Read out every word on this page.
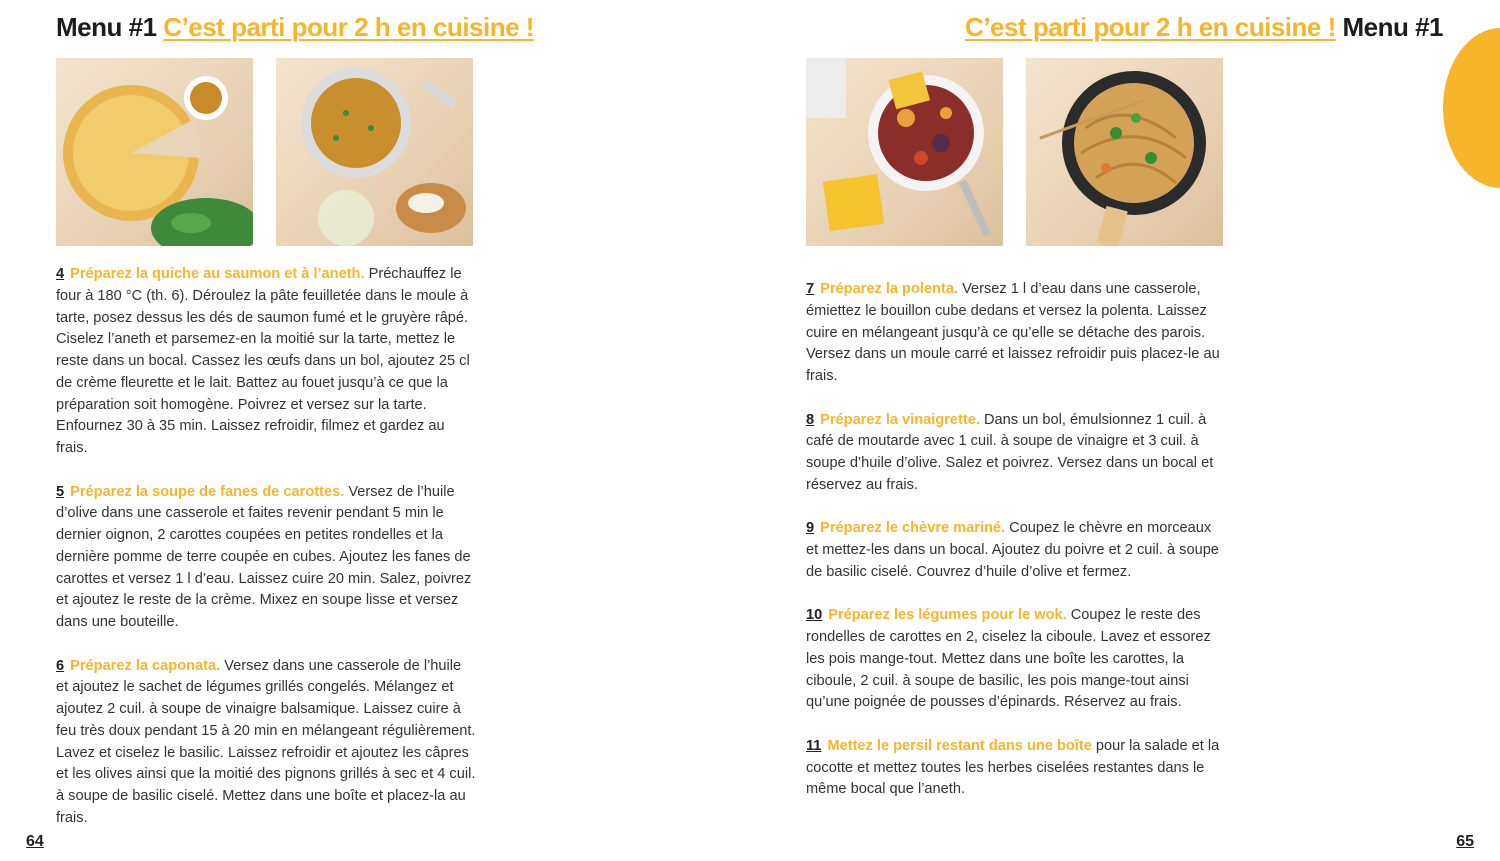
Menu #1 C’est parti pour 2 h en cuisine !

4 Préparez la quiche au saumon et à l’aneth. Préchauffez le four à 180 °C (th. 6). Déroulez la pâte feuilletée dans le moule à tarte, posez dessus les dés de saumon fumé et le gruyère râpé. Ciselez l’aneth et parsemez-en la moitié sur la tarte, mettez le reste dans un bocal. Cassez les œufs dans un bol, ajoutez 25 cl de crème fleurette et le lait. Battez au fouet jusqu’à ce que la préparation soit homogène. Poivrez et versez sur la tarte. Enfournez 30 à 35 min. Laissez refroidir, filmez et gardez au frais.

5 Préparez la soupe de fanes de carottes. Versez de l’huile d’olive dans une casserole et faites revenir pendant 5 min le dernier oignon, 2 carottes coupées en petites rondelles et la dernière pomme de terre coupée en cubes. Ajoutez les fanes de carottes et versez 1 l d’eau. Laissez cuire 20 min. Salez, poivrez et ajoutez le reste de la crème. Mixez en soupe lisse et versez dans une bouteille.

6 Préparez la caponata. Versez dans une casserole de l’huile et ajoutez le sachet de légumes grillés congelés. Mélangez et ajoutez 2 cuil. à soupe de vinaigre balsamique. Laissez cuire à feu très doux pendant 15 à 20 min en mélangeant régulièrement. Lavez et ciselez le basilic. Laissez refroidir et ajoutez les câpres et les olives ainsi que la moitié des pignons grillés à sec et 4 cuil. à soupe de basilic ciselé. Mettez dans une boîte et placez-la au frais.

64
C’est parti pour 2 h en cuisine ! Menu #1

7 Préparez la polenta. Versez 1 l d’eau dans une casserole, émiettez le bouillon cube dedans et versez la polenta. Laissez cuire en mélangeant jusqu’à ce qu’elle se détache des parois. Versez dans un moule carré et laissez refroidir puis placez-le au frais.

8 Préparez la vinaigrette. Dans un bol, émulsionnez 1 cuil. à café de moutarde avec 1 cuil. à soupe de vinaigre et 3 cuil. à soupe d’huile d’olive. Salez et poivrez. Versez dans un bocal et réservez au frais.

9 Préparez le chèvre mariné. Coupez le chèvre en morceaux et mettez-les dans un bocal. Ajoutez du poivre et 2 cuil. à soupe de basilic ciselé. Couvrez d’huile d’olive et fermez.

10 Préparez les légumes pour le wok. Coupez le reste des rondelles de carottes en 2, ciselez la ciboule. Lavez et essorez les pois mange-tout. Mettez dans une boîte les carottes, la ciboule, 2 cuil. à soupe de basilic, les pois mange-tout ainsi qu’une poignée de pousses d’épinards. Réservez au frais.

11 Mettez le persil restant dans une boîte pour la salade et la cocotte et mettez toutes les herbes ciselées restantes dans le même bocal que l’aneth.

65
